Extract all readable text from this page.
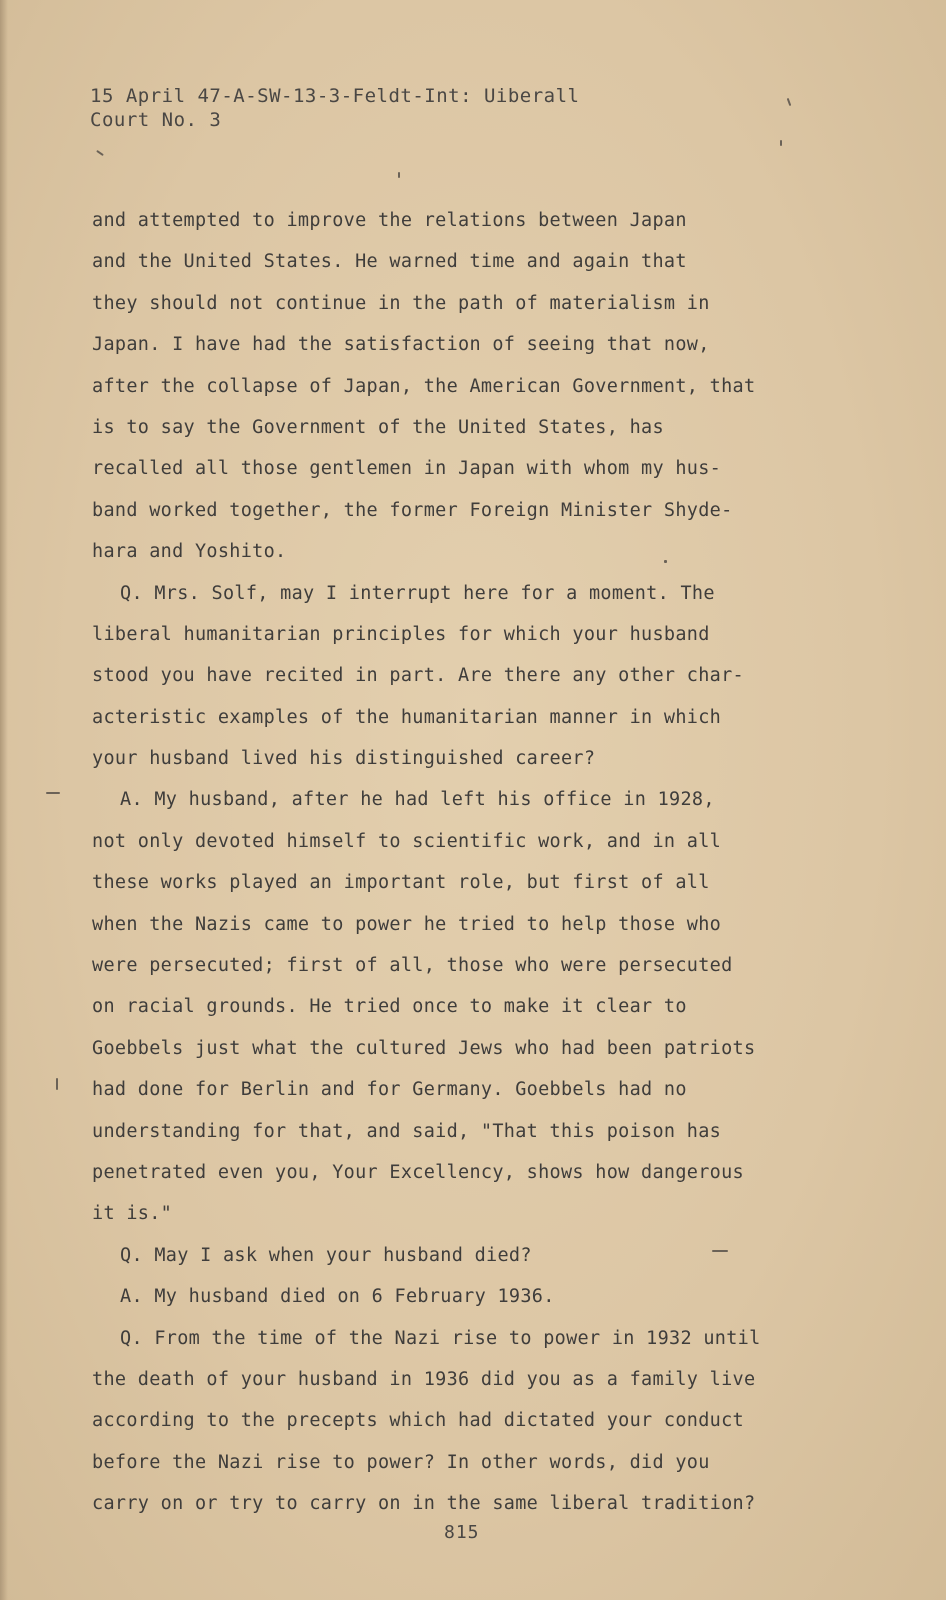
15 April 47-A-SW-13-3-Feldt-Int: Uiberall
Court No. 3
and attempted to improve the relations between Japan
and the United States. He warned time and again that
they should not continue in the path of materialism in
Japan. I have had the satisfaction of seeing that now,
after the collapse of Japan, the American Government, that
is to say the Government of the United States, has
recalled all those gentlemen in Japan with whom my hus-
band worked together, the former Foreign Minister Shyde-
hara and Yoshito.
Q. Mrs. Solf, may I interrupt here for a moment. The
liberal humanitarian principles for which your husband
stood you have recited in part. Are there any other char-
acteristic examples of the humanitarian manner in which
your husband lived his distinguished career?
A. My husband, after he had left his office in 1928,
not only devoted himself to scientific work, and in all
these works played an important role, but first of all
when the Nazis came to power he tried to help those who
were persecuted; first of all, those who were persecuted
on racial grounds. He tried once to make it clear to
Goebbels just what the cultured Jews who had been patriots
had done for Berlin and for Germany. Goebbels had no
understanding for that, and said, "That this poison has
penetrated even you, Your Excellency, shows how dangerous
it is."
Q. May I ask when your husband died?
A. My husband died on 6 February 1936.
Q. From the time of the Nazi rise to power in 1932 until
the death of your husband in 1936 did you as a family live
according to the precepts which had dictated your conduct
before the Nazi rise to power? In other words, did you
carry on or try to carry on in the same liberal tradition?
815
